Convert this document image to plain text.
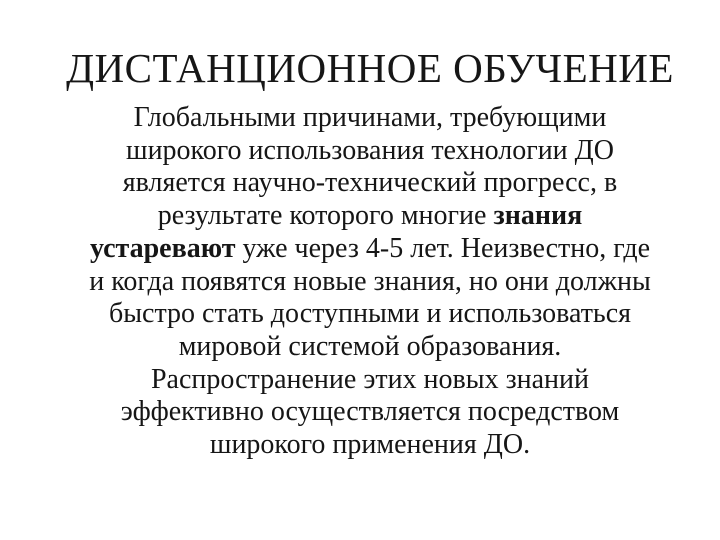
ДИСТАНЦИОННОЕ ОБУЧЕНИЕ
Глобальными причинами, требующими
широкого использования технологии ДО
является научно-технический прогресс, в
результате которого многие знания
устаревают уже через 4-5 лет. Неизвестно, где
и когда появятся новые знания, но они должны
быстро стать доступными и использоваться
мировой системой образования.
Распространение этих новых знаний
эффективно осуществляется посредством
широкого применения ДО.
